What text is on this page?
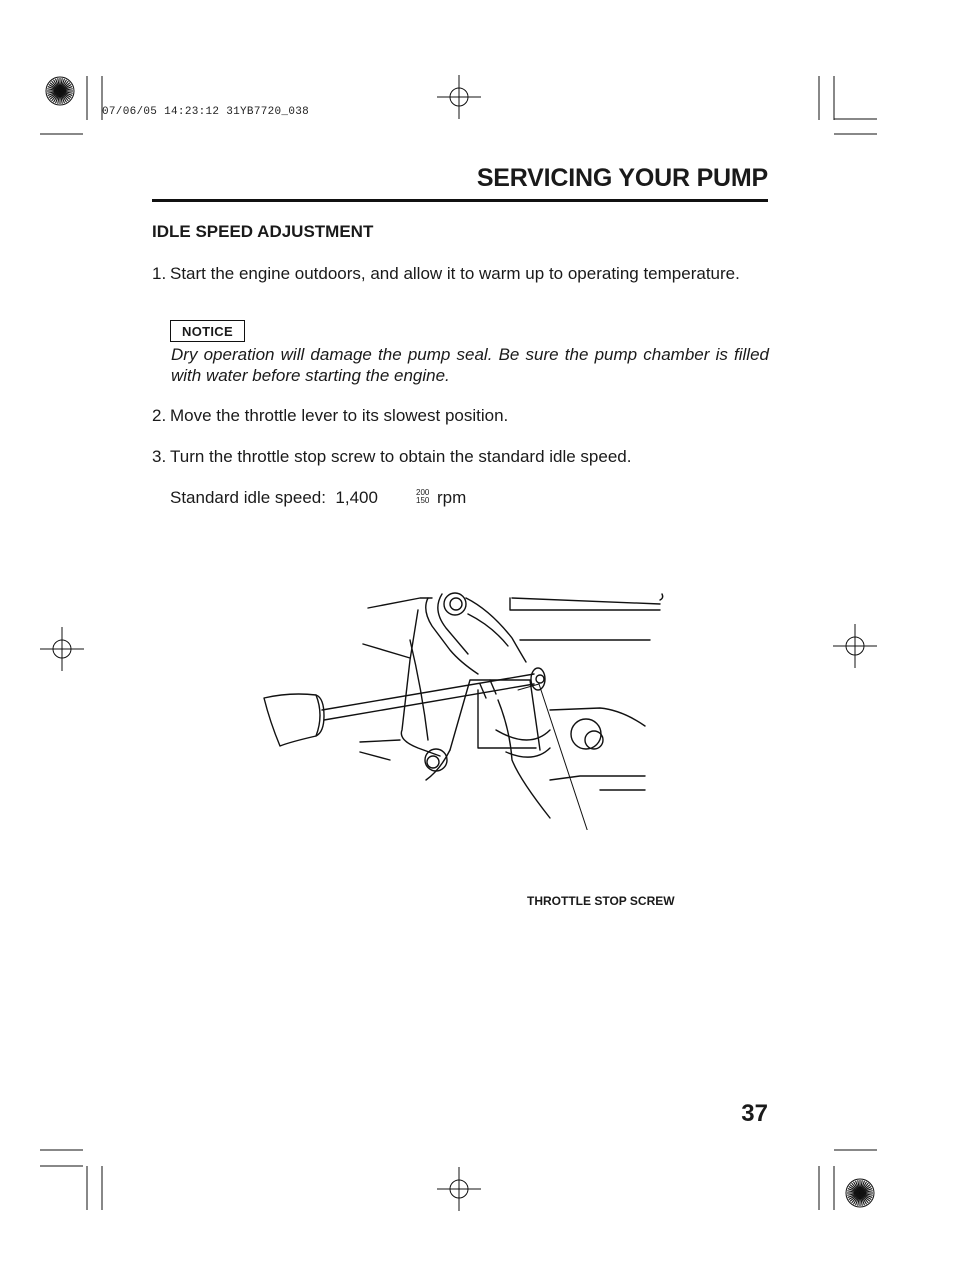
07/06/05 14:23:12 31YB7720_038
SERVICING YOUR PUMP
IDLE SPEED ADJUSTMENT
1. Start the engine outdoors, and allow it to warm up to operating temperature.
NOTICE
Dry operation will damage the pump seal. Be sure the pump chamber is filled with water before starting the engine.
2. Move the throttle lever to its slowest position.
3. Turn the throttle stop screw to obtain the standard idle speed.
Standard idle speed: 1,400	200
150 rpm
THROTTLE STOP SCREW
37
